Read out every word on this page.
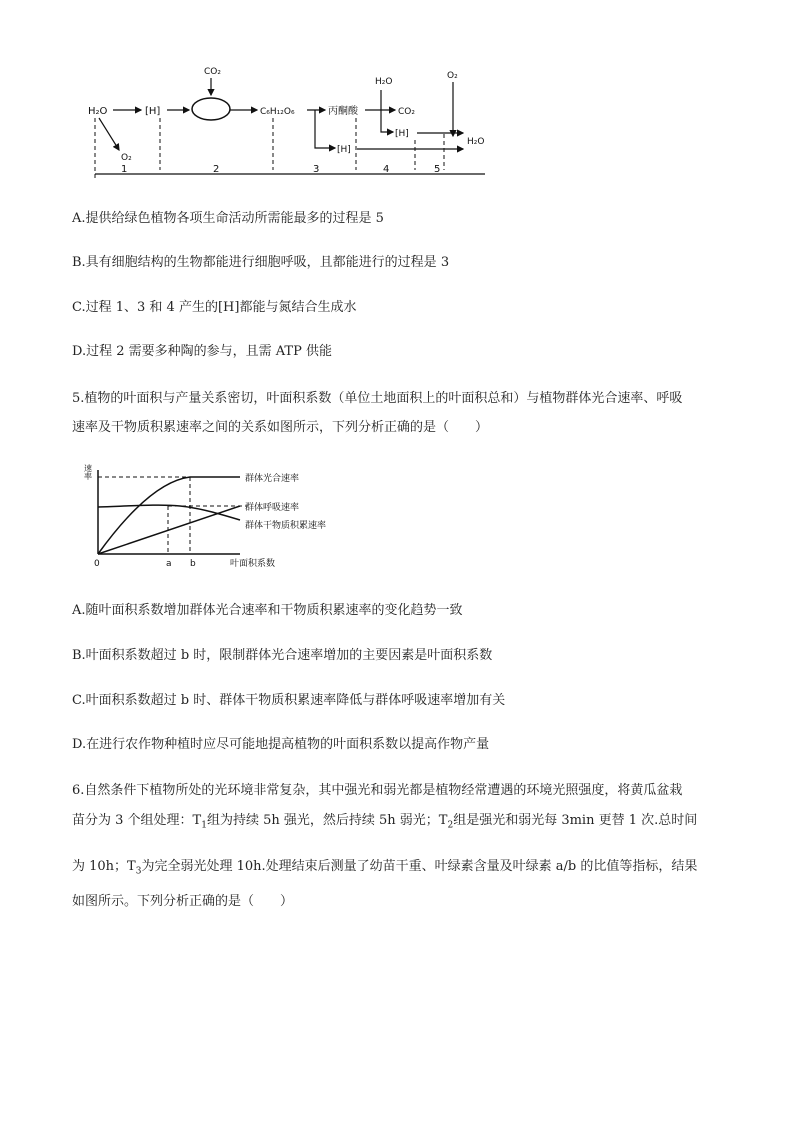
H₂O
O₂
[H]
CO₂
C₆H₁₂O₆	丙酮酸
[H]
H₂O
CO₂
[H]
O₂
H₂O
1	2	3	4	5
A.提供给绿色植物各项生命活动所需能最多的过程是 5
B.具有细胞结构的生物都能进行细胞呼吸，且都能进行的过程是 3
C.过程 1、3 和 4 产生的[H]都能与氮结合生成水
D.过程 2 需要多种陶的参与，且需 ATP 供能
5.植物的叶面积与产量关系密切，叶面积系数（单位土地面积上的叶面积总和）与植物群体光合速率、呼吸
速率及干物质积累速率之间的关系如图所示，下列分析正确的是（　　）
速率
0	a b	叶面积系数
群体光合速率
群体呼吸速率
群体干物质积累速率
A.随叶面积系数增加群体光合速率和干物质积累速率的变化趋势一致
B.叶面积系数超过 b 时，限制群体光合速率增加的主要因素是叶面积系数
C.叶面积系数超过 b 时、群体干物质积累速率降低与群体呼吸速率增加有关
D.在进行农作物种植时应尽可能地提高植物的叶面积系数以提高作物产量
6.自然条件下植物所处的光环境非常复杂，其中强光和弱光都是植物经常遭遇的环境光照强度，将黄瓜盆栽
苗分为 3 个组处理：$T_1$组为持续 5h 强光，然后持续 5h 弱光；$T_2$组是强光和弱光每 3min 更替 1 次.总时间
为 10h；$T_3$为完全弱光处理 10h.处理结束后测量了幼苗干重、叶绿素含量及叶绿素 a/b 的比值等指标，结果
如图所示。下列分析正确的是（　　）
